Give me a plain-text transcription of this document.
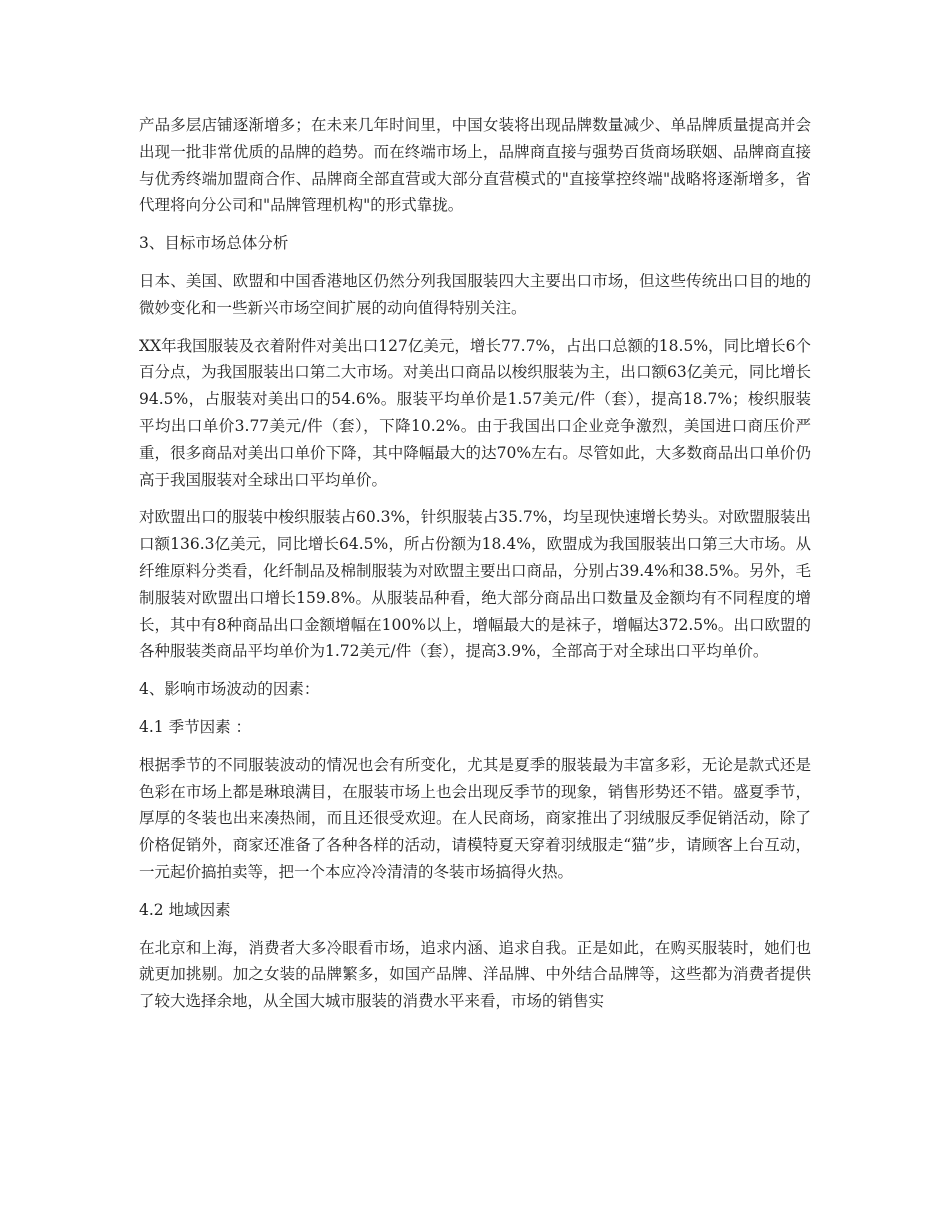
产品多层店铺逐渐增多；在未来几年时间里，中国女装将出现品牌数量减少、单品牌质量提高并会出现一批非常优质的品牌的趋势。而在终端市场上，品牌商直接与强势百货商场联姻、品牌商直接与优秀终端加盟商合作、品牌商全部直营或大部分直营模式的"直接掌控终端"战略将逐渐增多，省代理将向分公司和"品牌管理机构"的形式靠拢。

3、目标市场总体分析

日本、美国、欧盟和中国香港地区仍然分列我国服装四大主要出口市场，但这些传统出口目的地的微妙变化和一些新兴市场空间扩展的动向值得特别关注。

XX年我国服装及衣着附件对美出口127亿美元，增长77.7%，占出口总额的18.5%，同比增长6个百分点，为我国服装出口第二大市场。对美出口商品以梭织服装为主，出口额63亿美元，同比增长94.5%，占服装对美出口的54.6%。服装平均单价是1.57美元/件（套），提高18.7%；梭织服装平均出口单价3.77美元/件（套），下降10.2%。由于我国出口企业竞争激烈，美国进口商压价严重，很多商品对美出口单价下降，其中降幅最大的达70%左右。尽管如此，大多数商品出口单价仍高于我国服装对全球出口平均单价。

对欧盟出口的服装中梭织服装占60.3%，针织服装占35.7%，均呈现快速增长势头。对欧盟服装出口额136.3亿美元，同比增长64.5%，所占份额为18.4%，欧盟成为我国服装出口第三大市场。从纤维原料分类看，化纤制品及棉制服装为对欧盟主要出口商品，分别占39.4%和38.5%。另外，毛制服装对欧盟出口增长159.8%。从服装品种看，绝大部分商品出口数量及金额均有不同程度的增长，其中有8种商品出口金额增幅在100%以上，增幅最大的是袜子，增幅达372.5%。出口欧盟的各种服装类商品平均单价为1.72美元/件（套），提高3.9%，全部高于对全球出口平均单价。

4、影响市场波动的因素：

4.1 季节因素 ：

根据季节的不同服装波动的情况也会有所变化，尤其是夏季的服装最为丰富多彩，无论是款式还是色彩在市场上都是琳琅满目，在服装市场上也会出现反季节的现象，销售形势还不错。盛夏季节，厚厚的冬装也出来凑热闹，而且还很受欢迎。在人民商场，商家推出了羽绒服反季促销活动，除了价格促销外，商家还准备了各种各样的活动，请模特夏天穿着羽绒服走“猫”步，请顾客上台互动，一元起价搞拍卖等，把一个本应冷冷清清的冬装市场搞得火热。

4.2 地域因素

在北京和上海，消费者大多冷眼看市场，追求内涵、追求自我。正是如此，在购买服装时，她们也就更加挑剔。加之女装的品牌繁多，如国产品牌、洋品牌、中外结合品牌等，这些都为消费者提供了较大选择余地，从全国大城市服装的消费水平来看，市场的销售实
